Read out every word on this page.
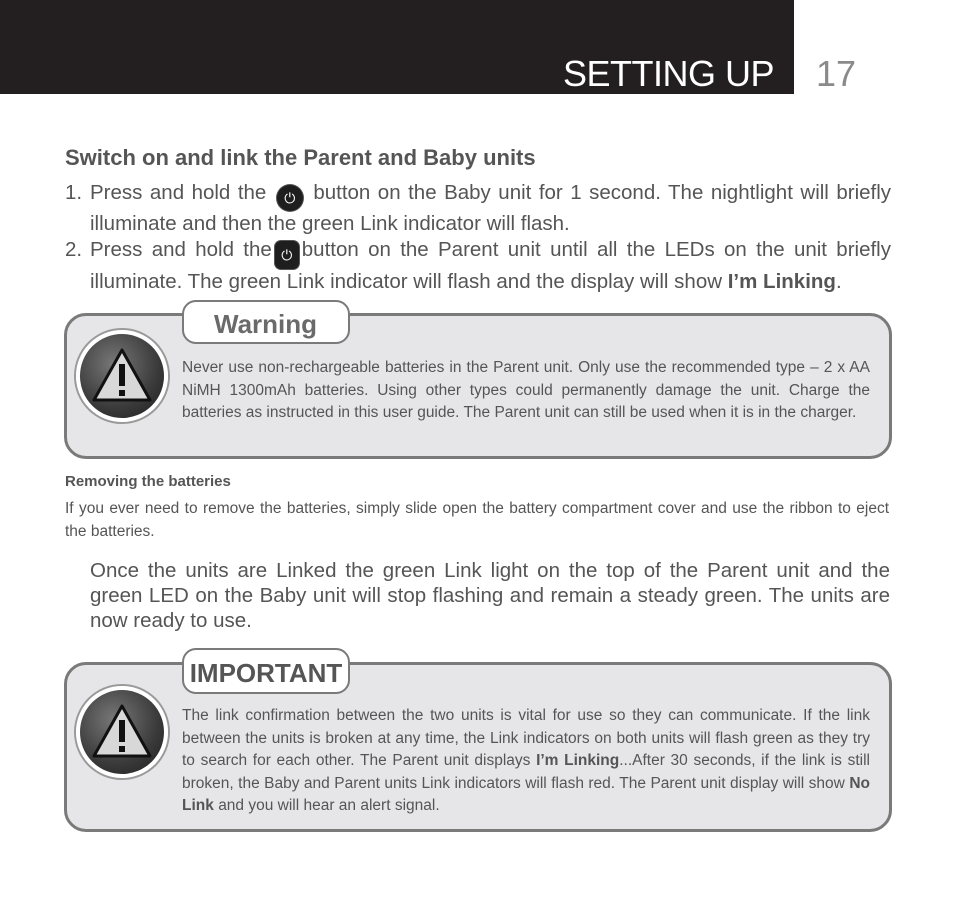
SETTING UP 17
Switch on and link the Parent and Baby units
1. Press and hold the ⏻ button on the Baby unit for 1 second. The nightlight will briefly illuminate and then the green Link indicator will flash.
2. Press and hold the ⏻ button on the Parent unit until all the LEDs on the unit briefly illuminate. The green Link indicator will flash and the display will show I’m Linking.
Warning
Never use non-rechargeable batteries in the Parent unit. Only use the recommended type – 2 x AA NiMH 1300mAh batteries. Using other types could permanently damage the unit. Charge the batteries as instructed in this user guide. The Parent unit can still be used when it is in the charger.
Removing the batteries
If you ever need to remove the batteries, simply slide open the battery compartment cover and use the ribbon to eject the batteries.
Once the units are Linked the green Link light on the top of the Parent unit and the green LED on the Baby unit will stop flashing and remain a steady green. The units are now ready to use.
IMPORTANT
The link confirmation between the two units is vital for use so they can communicate. If the link between the units is broken at any time, the Link indicators on both units will flash green as they try to search for each other. The Parent unit displays I’m Linking...After 30 seconds, if the link is still broken, the Baby and Parent units Link indicators will flash red. The Parent unit display will show No Link and you will hear an alert signal.
